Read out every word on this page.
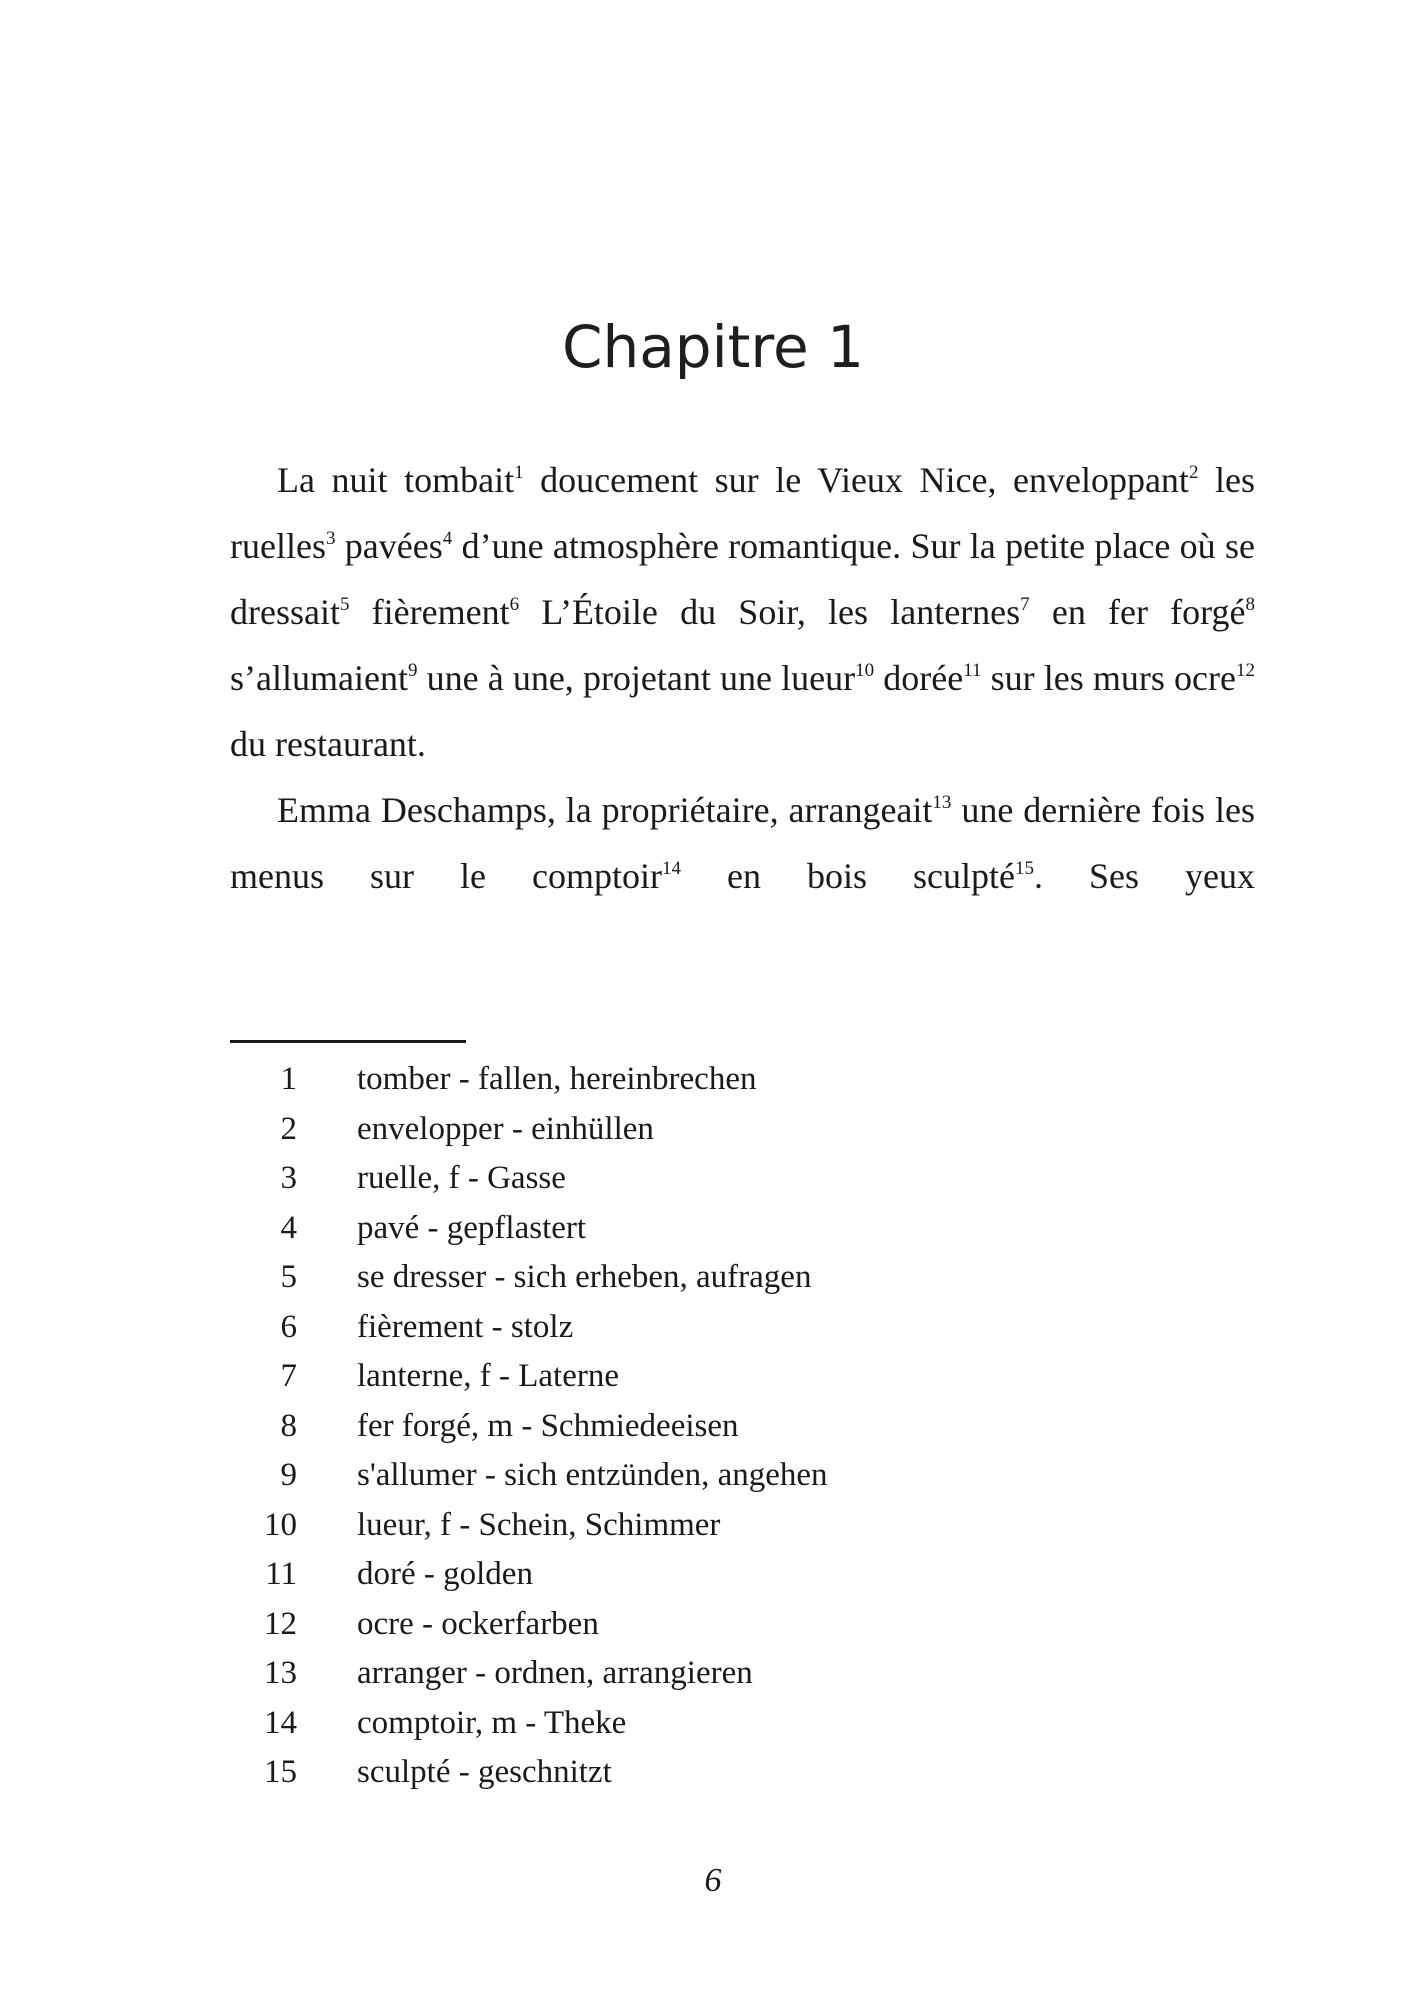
Chapitre 1

La nuit tombait$^1$ doucement sur le Vieux Nice, enveloppant$^2$ les ruelles$^3$ pavées$^4$ d’une atmosphère romantique. Sur la petite place où se dressait$^5$ fièrement$^6$ L’Étoile du Soir, les lanternes$^7$ en fer forgé$^8$ s’allumaient$^9$ une à une, projetant une lueur$^{10}$ dorée$^{11}$ sur les murs ocre$^{12}$ du restaurant.

Emma Deschamps, la propriétaire, arrangeait$^{13}$ une dernière fois les menus sur le comptoir$^{14}$ en bois sculpté$^{15}$. Ses yeux

1	tomber - fallen, hereinbrechen
2	envelopper - einhüllen
3	ruelle, f - Gasse
4	pavé - gepflastert
5	se dresser - sich erheben, aufragen
6	fièrement - stolz
7	lanterne, f - Laterne
8	fer forgé, m - Schmiedeeisen
9	s'allumer - sich entzünden, angehen
10	lueur, f - Schein, Schimmer
11	doré - golden
12	ocre - ockerfarben
13	arranger - ordnen, arrangieren
14	comptoir, m - Theke
15	sculpté - geschnitzt
6
